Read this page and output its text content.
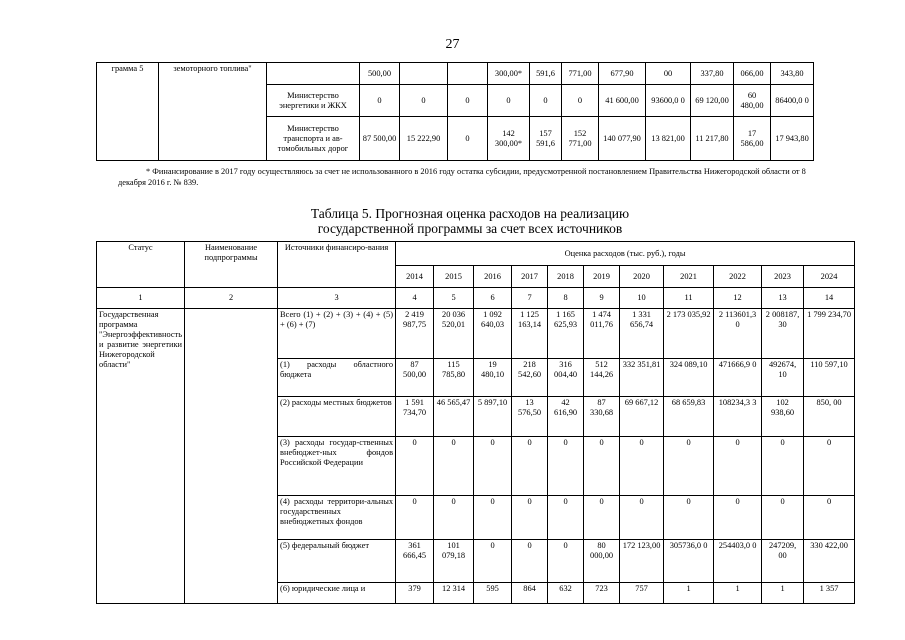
27
грамма 5	земоторного топлива"		500,00			300,00*	591,6	771,00	677,90	00	337,80	066,00	343,80
		Министерство энергетики и ЖКХ	0	0	0	0	0	0	41 600,00	93600,0 0	69 120,00	60 480,00	86400,0 0
		Министерство транспорта и ав-томобильных дорог	87 500,00	15 222,90	0	142 300,00*	157 591,6	152 771,00	140 077,90	13 821,00	11 217,80	17 586,00	17 943,80
* Финансирование в 2017 году осуществляюсь за счет не использованного в 2016 году остатка субсидии, предусмотренной постановлением Правительства Нижегородской области от 8 декабря 2016 г. № 839.
Таблица 5. Прогнозная оценка расходов на реализацию
государственной программы за счет всех источников
Статус	Наименование подпрограммы	Источники финансиро-вания	Оценка расходов (тыс. руб.), годы										
			2014	2015	2016	2017	2018	2019	2020	2021	2022	2023	2024
1	2	3	4	5	6	7	8	9	10	11	12	13	14
Государственная программа "Энергоэффективность и развитие энергетики Нижегородской области"		Всего (1) + (2) + (3) + (4) + (5) + (6) + (7)	2 419 987,75	20 036 520,01	1 092 640,03	1 125 163,14	1 165 625,93	1 474 011,76	1 331 656,74	2 173 035,92	2 113601,3 0	2 008187, 30	1 799 234,70
		(1) расходы областного бюджета	87 500,00	115 785,80	19 480,10	218 542,60	316 004,40	512 144,26	332 351,81	324 089,10	471666,9 0	492674, 10	110 597,10
		(2) расходы местных бюджетов	1 591 734,70	46 565,47	5 897,10	13 576,50	42 616,90	87 330,68	69 667,12	68 659,83	108234,3 3	102 938,60	850, 00
		(3) расходы государ-ственных внебюджет-ных фондов Российской Федерации	0	0	0	0	0	0	0	0	0	0	0
		(4) расходы территори-альных государственных внебюджетных фондов	0	0	0	0	0	0	0	0	0	0	0
		(5) федеральный бюджет	361 666,45	101 079,18	0	0	0	80 000,00	172 123,00	305736,0 0	254403,0 0	247209, 00	330 422,00
		(6) юридические лица и	379	12 314	595	864	632	723	757	1	1	1	1 357
